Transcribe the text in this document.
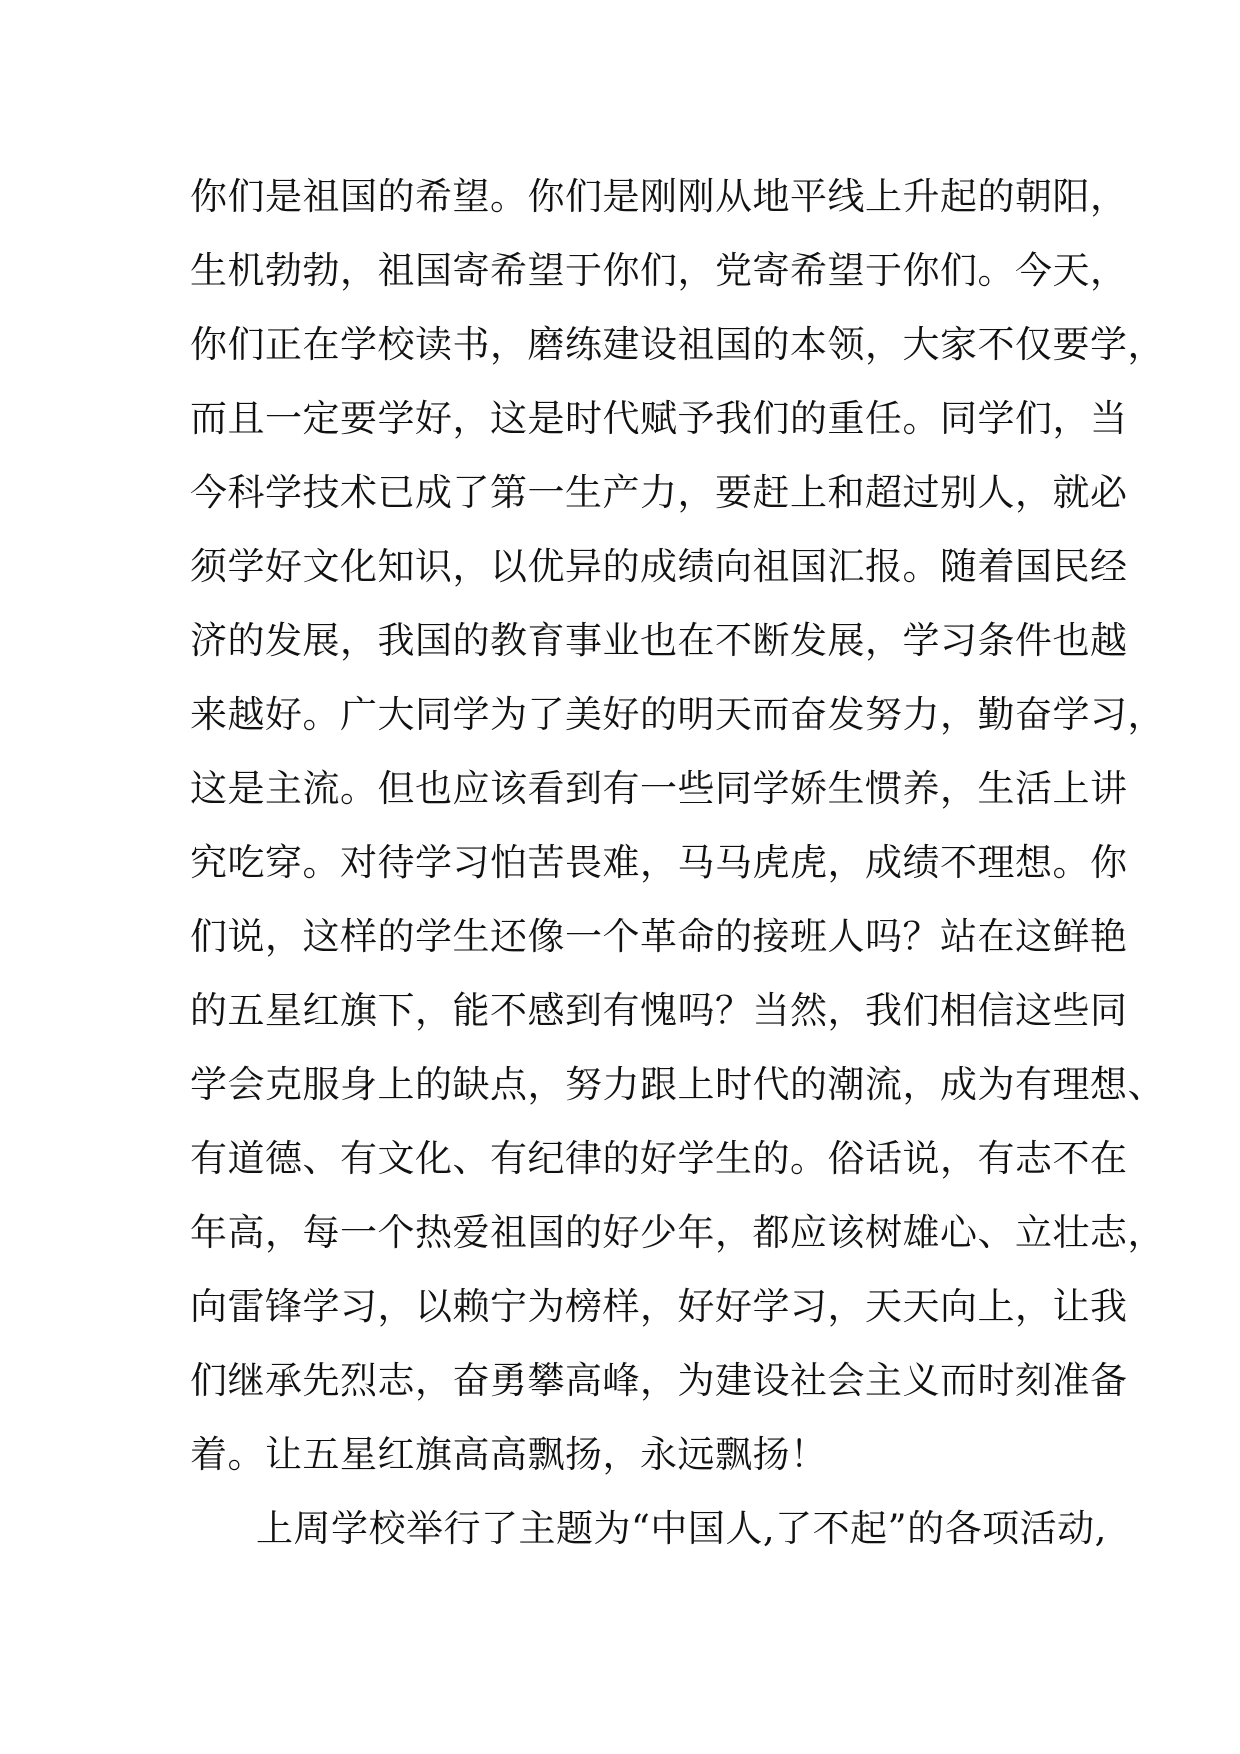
你们是祖国的希望。你们是刚刚从地平线上升起的朝阳，
生机勃勃，祖国寄希望于你们，党寄希望于你们。今天，
你们正在学校读书，磨练建设祖国的本领，大家不仅要学，
而且一定要学好，这是时代赋予我们的重任。同学们，当
今科学技术已成了第一生产力，要赶上和超过别人，就必
须学好文化知识，以优异的成绩向祖国汇报。随着国民经
济的发展，我国的教育事业也在不断发展，学习条件也越
来越好。广大同学为了美好的明天而奋发努力，勤奋学习，
这是主流。但也应该看到有一些同学娇生惯养，生活上讲
究吃穿。对待学习怕苦畏难，马马虎虎，成绩不理想。你
们说，这样的学生还像一个革命的接班人吗？站在这鲜艳
的五星红旗下，能不感到有愧吗？当然，我们相信这些同
学会克服身上的缺点，努力跟上时代的潮流，成为有理想、
有道德、有文化、有纪律的好学生的。俗话说，有志不在
年高，每一个热爱祖国的好少年，都应该树雄心、立壮志，
向雷锋学习，以赖宁为榜样，好好学习，天天向上，让我
们继承先烈志，奋勇攀高峰，为建设社会主义而时刻准备
着。让五星红旗高高飘扬，永远飘扬！
上周学校举行了主题为“中国人,了不起”的各项活动,
